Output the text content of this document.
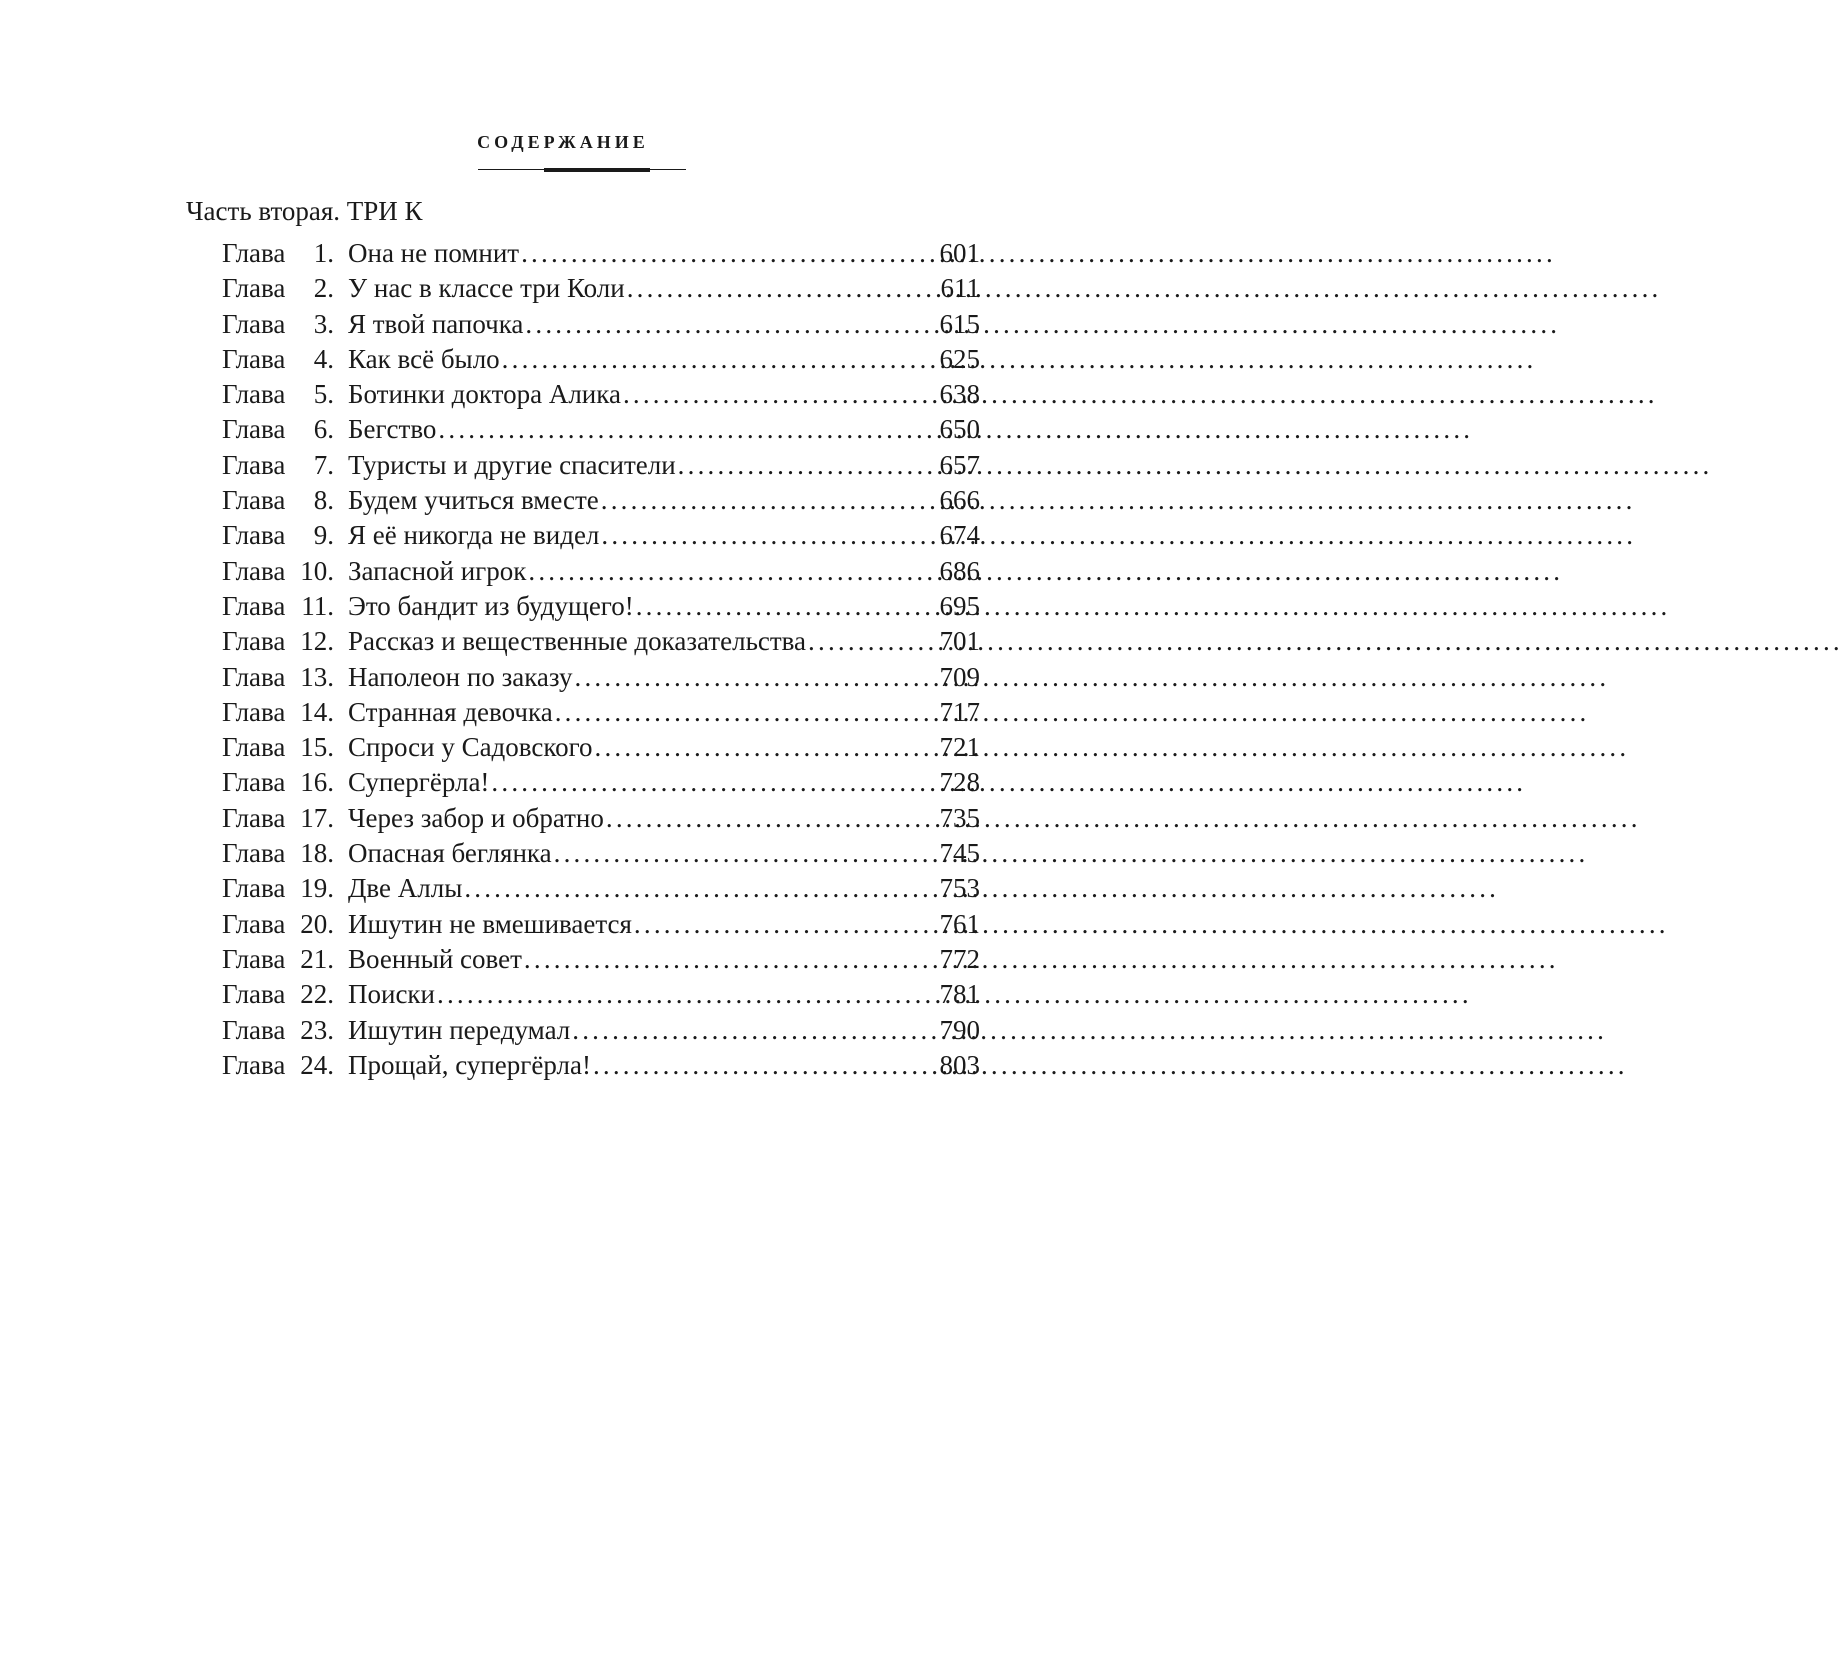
СОДЕРЖАНИЕ
Часть вторая. ТРИ К
Глава	1. Она не помнит .....	601
Глава	2. У нас в классе три Коли .....	611
Глава	3. Я твой папочка .....	615
Глава	4. Как всё было .....	625
Глава	5. Ботинки доктора Алика .....	638
Глава	6. Бегство .....	650
Глава	7. Туристы и другие спасители .....	657
Глава	8. Будем учиться вместе .....	666
Глава	9. Я её никогда не видел .....	674
Глава 10. Запасной игрок .....	686
Глава 11. Это бандит из будущего! .....	695
Глава 12. Рассказ и вещественные доказательства .....	701
Глава 13. Наполеон по заказу .....	709
Глава 14. Странная девочка .....	717
Глава 15. Спроси у Садовского .....	721
Глава 16. Супергёрла! .....	728
Глава 17. Через забор и обратно .....	735
Глава 18. Опасная беглянка .....	745
Глава 19. Две Аллы .....	753
Глава 20. Ишутин не вмешивается .....	761
Глава 21. Военный совет .....	772
Глава 22. Поиски .....	781
Глава 23. Ишутин передумал .....	790
Глава 24. Прощай, супергёрла! .....	803
